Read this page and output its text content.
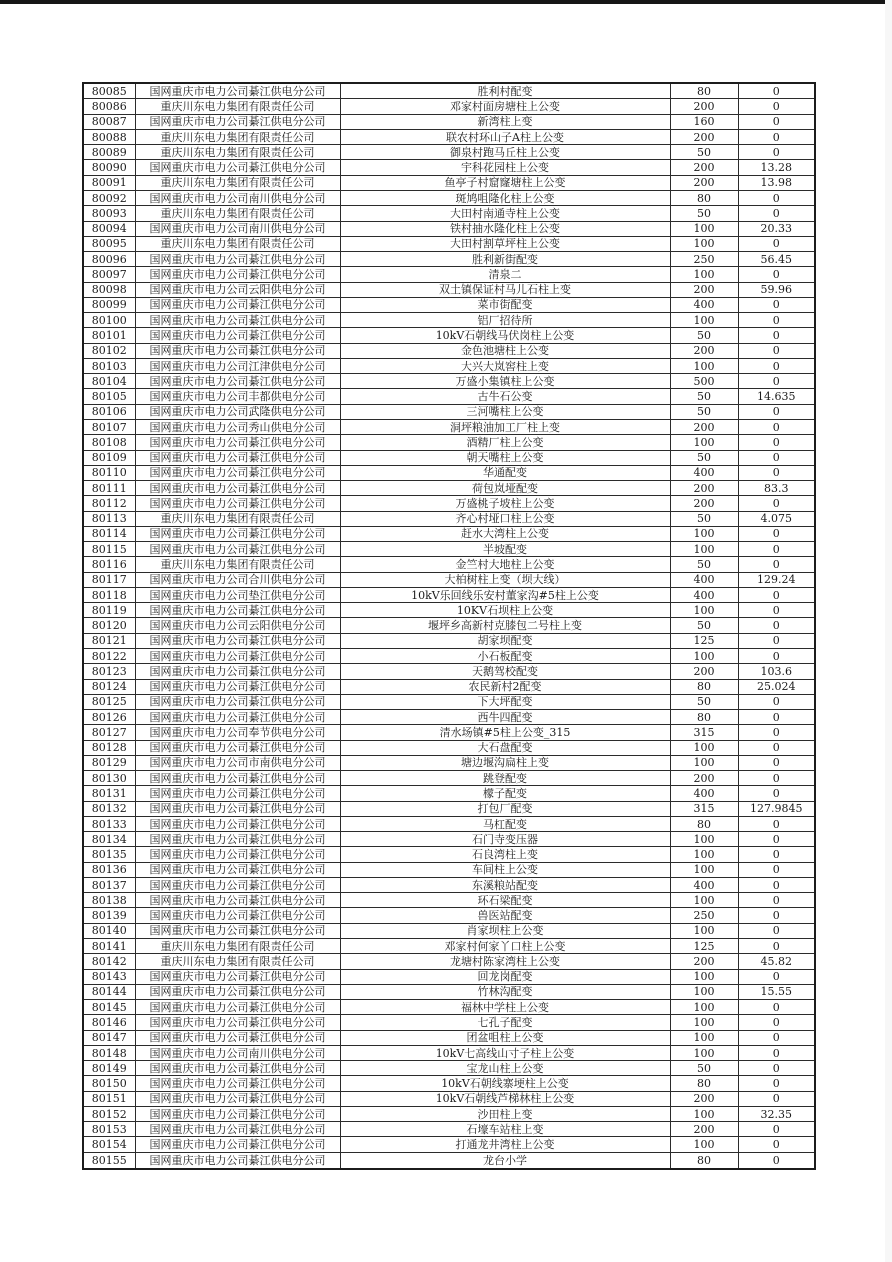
80085	国网重庆市电力公司綦江供电分公司	胜利村配变	80	0
80086	重庆川东电力集团有限责任公司	邓家村面房塘柱上公变	200	0
80087	国网重庆市电力公司綦江供电分公司	新湾柱上变	160	0
80088	重庆川东电力集团有限责任公司	联农村环山子A柱上公变	200	0
80089	重庆川东电力集团有限责任公司	御泉村跑马丘柱上公变	50	0
80090	国网重庆市电力公司綦江供电分公司	宇科花园柱上公变	200	13.28
80091	重庆川东电力集团有限责任公司	鱼亭子村窟窿塘柱上公变	200	13.98
80092	国网重庆市电力公司南川供电分公司	斑鸠咀隆化柱上公变	80	0
80093	重庆川东电力集团有限责任公司	大田村南通寺柱上公变	50	0
80094	国网重庆市电力公司南川供电分公司	铁村抽水隆化柱上公变	100	20.33
80095	重庆川东电力集团有限责任公司	大田村割草坪柱上公变	100	0
80096	国网重庆市电力公司綦江供电分公司	胜利新街配变	250	56.45
80097	国网重庆市电力公司綦江供电分公司	清泉二	100	0
80098	国网重庆市电力公司云阳供电分公司	双土镇保证村马儿石柱上变	200	59.96
80099	国网重庆市电力公司綦江供电分公司	菜市街配变	400	0
80100	国网重庆市电力公司綦江供电分公司	铝厂招待所	100	0
80101	国网重庆市电力公司綦江供电分公司	10kV石朝线马伏岗柱上公变	50	0
80102	国网重庆市电力公司綦江供电分公司	金色池塘柱上公变	200	0
80103	国网重庆市电力公司江津供电分公司	大兴大岚窖柱上变	100	0
80104	国网重庆市电力公司綦江供电分公司	万盛小集镇柱上公变	500	0
80105	国网重庆市电力公司丰都供电分公司	古牛石公变	50	14.635
80106	国网重庆市电力公司武隆供电分公司	三河嘴柱上公变	50	0
80107	国网重庆市电力公司秀山供电分公司	洞坪粮油加工厂柱上变	200	0
80108	国网重庆市电力公司綦江供电分公司	酒精厂柱上公变	100	0
80109	国网重庆市电力公司綦江供电分公司	朝天嘴柱上公变	50	0
80110	国网重庆市电力公司綦江供电分公司	华通配变	400	0
80111	国网重庆市电力公司綦江供电分公司	荷包岚垭配变	200	83.3
80112	国网重庆市电力公司綦江供电分公司	万盛桃子坡柱上公变	200	0
80113	重庆川东电力集团有限责任公司	齐心村垭口柱上公变	50	4.075
80114	国网重庆市电力公司綦江供电分公司	赶水大湾柱上公变	100	0
80115	国网重庆市电力公司綦江供电分公司	半坡配变	100	0
80116	重庆川东电力集团有限责任公司	金竺村大地柱上公变	50	0
80117	国网重庆市电力公司合川供电分公司	大柏树柱上变（坝大线）	400	129.24
80118	国网重庆市电力公司垫江供电分公司	10kV乐回线乐安村董家沟#5柱上公变	400	0
80119	国网重庆市电力公司綦江供电分公司	10KV石坝柱上公变	100	0
80120	国网重庆市电力公司云阳供电分公司	堰坪乡高新村克膝包二号柱上变	50	0
80121	国网重庆市电力公司綦江供电分公司	胡家坝配变	125	0
80122	国网重庆市电力公司綦江供电分公司	小石板配变	100	0
80123	国网重庆市电力公司綦江供电分公司	天鹅驾校配变	200	103.6
80124	国网重庆市电力公司綦江供电分公司	农民新村2配变	80	25.024
80125	国网重庆市电力公司綦江供电分公司	下大坪配变	50	0
80126	国网重庆市电力公司綦江供电分公司	西牛四配变	80	0
80127	国网重庆市电力公司奉节供电分公司	清水场镇#5柱上公变_315	315	0
80128	国网重庆市电力公司綦江供电分公司	大石盘配变	100	0
80129	国网重庆市电力公司市南供电分公司	塘边堰沟扁柱上变	100	0
80130	国网重庆市电力公司綦江供电分公司	跳登配变	200	0
80131	国网重庆市电力公司綦江供电分公司	檬子配变	400	0
80132	国网重庆市电力公司綦江供电分公司	打包厂配变	315	127.9845
80133	国网重庆市电力公司綦江供电分公司	马杠配变	80	0
80134	国网重庆市电力公司綦江供电分公司	石门寺变压器	100	0
80135	国网重庆市电力公司綦江供电分公司	石良湾柱上变	100	0
80136	国网重庆市电力公司綦江供电分公司	车间柱上公变	100	0
80137	国网重庆市电力公司綦江供电分公司	东溪粮站配变	400	0
80138	国网重庆市电力公司綦江供电分公司	环石梁配变	100	0
80139	国网重庆市电力公司綦江供电分公司	兽医站配变	250	0
80140	国网重庆市电力公司綦江供电分公司	肖家坝柱上公变	100	0
80141	重庆川东电力集团有限责任公司	邓家村何家丫口柱上公变	125	0
80142	重庆川东电力集团有限责任公司	龙塘村陈家湾柱上公变	200	45.82
80143	国网重庆市电力公司綦江供电分公司	回龙岗配变	100	0
80144	国网重庆市电力公司綦江供电分公司	竹林沟配变	100	15.55
80145	国网重庆市电力公司綦江供电分公司	福林中学柱上公变	100	0
80146	国网重庆市电力公司綦江供电分公司	七孔子配变	100	0
80147	国网重庆市电力公司綦江供电分公司	团盆咀柱上公变	100	0
80148	国网重庆市电力公司南川供电分公司	10kV七高线山寸子柱上公变	100	0
80149	国网重庆市电力公司綦江供电分公司	宝龙山柱上公变	50	0
80150	国网重庆市电力公司綦江供电分公司	10kV石朝线寨埂柱上公变	80	0
80151	国网重庆市电力公司綦江供电分公司	10kV石朝线芦梯林柱上公变	200	0
80152	国网重庆市电力公司綦江供电分公司	沙田柱上变	100	32.35
80153	国网重庆市电力公司綦江供电分公司	石壕车站柱上变	200	0
80154	国网重庆市电力公司綦江供电分公司	打通龙井湾柱上公变	100	0
80155	国网重庆市电力公司綦江供电分公司	龙台小学	80	0
